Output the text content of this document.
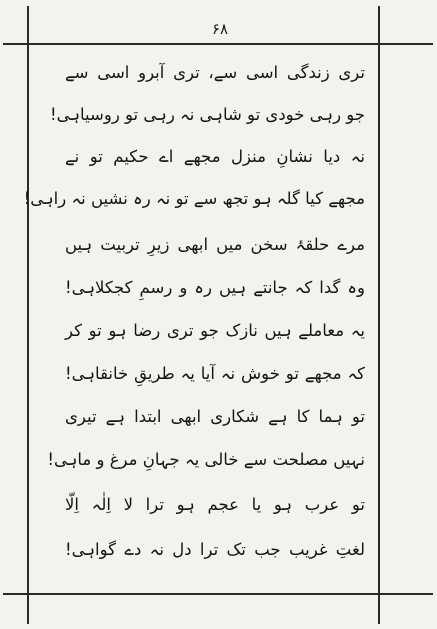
۶۸
تری زندگی اسی سے، تری آبرو اسی سے
جو رہی خودی تو شاہی نہ رہی تو روسیاہی!
نہ دیا نشانِ منزل مجھے اے حکیم تو نے
مجھے کیا گلہ ہو تجھ سے تو نہ رہ نشیں نہ راہی!
مرے حلقۂ سخن میں ابھی زیرِ تربیت ہیں
وہ گدا کہ جانتے ہیں رہ و رسمِ کجکلاہی!
یہ معاملے ہیں نازک جو تری رضا ہو تو کر
کہ مجھے تو خوش نہ آیا یہ طریقِ خانقاہی!
تو ہما کا ہے شکاری ابھی ابتدا ہے تیری
نہیں مصلحت سے خالی یہ جہانِ مرغ و ماہی!
تو عرب ہو یا عجم ہو ترا لا اِلٰہ اِلّا
لغتِ غریب جب تک ترا دل نہ دے گواہی!
